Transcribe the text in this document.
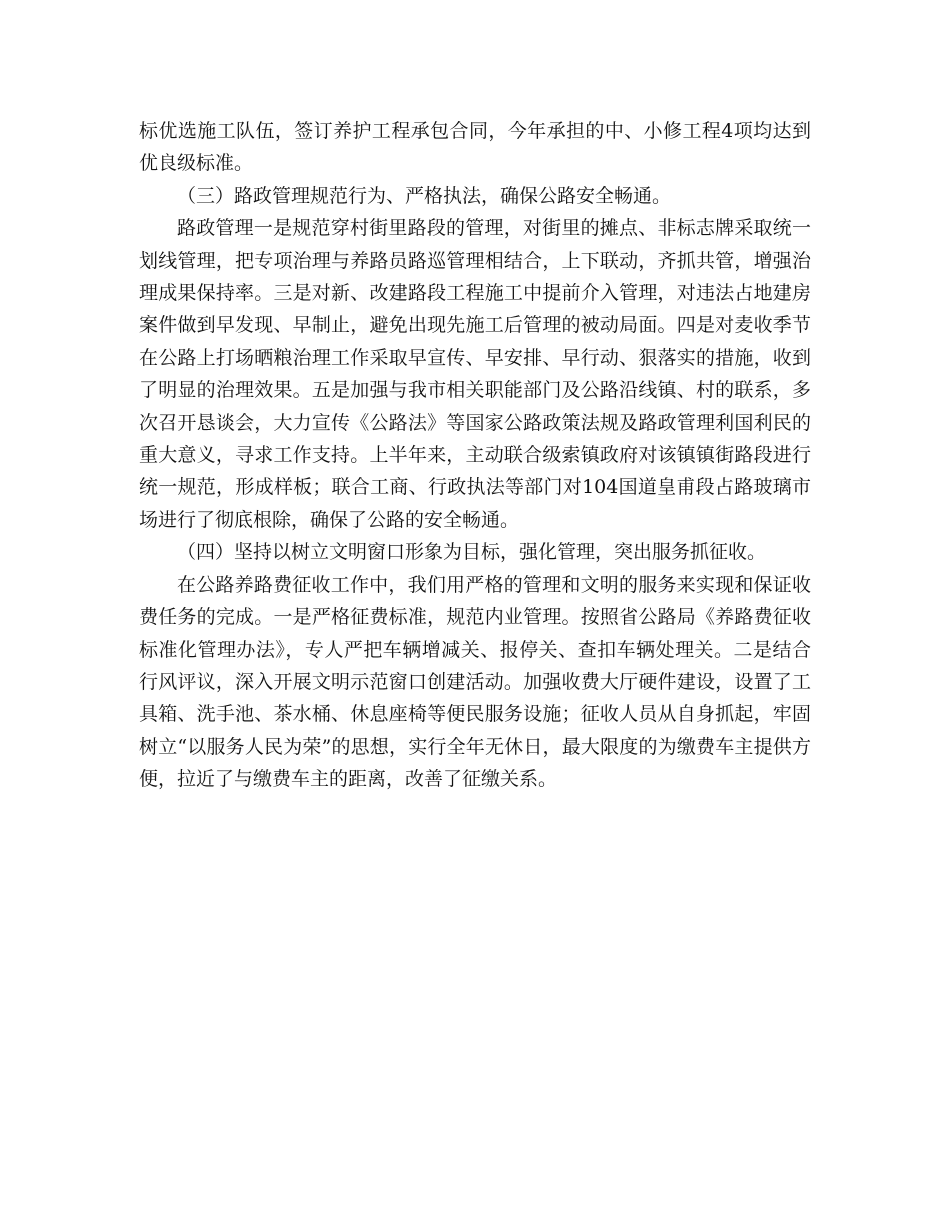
标优选施工队伍，签订养护工程承包合同，今年承担的中、小修工程4项均达到优良级标准。

（三）路政管理规范行为、严格执法，确保公路安全畅通。

路政管理一是规范穿村街里路段的管理，对街里的摊点、非标志牌采取统一划线管理，把专项治理与养路员路巡管理相结合，上下联动，齐抓共管，增强治理成果保持率。三是对新、改建路段工程施工中提前介入管理，对违法占地建房案件做到早发现、早制止，避免出现先施工后管理的被动局面。四是对麦收季节在公路上打场晒粮治理工作采取早宣传、早安排、早行动、狠落实的措施，收到了明显的治理效果。五是加强与我市相关职能部门及公路沿线镇、村的联系，多次召开恳谈会，大力宣传《公路法》等国家公路政策法规及路政管理利国利民的重大意义，寻求工作支持。上半年来，主动联合级索镇政府对该镇镇街路段进行统一规范，形成样板；联合工商、行政执法等部门对104国道皇甫段占路玻璃市场进行了彻底根除，确保了公路的安全畅通。

（四）坚持以树立文明窗口形象为目标，强化管理，突出服务抓征收。

在公路养路费征收工作中，我们用严格的管理和文明的服务来实现和保证收费任务的完成。一是严格征费标准，规范内业管理。按照省公路局《养路费征收标准化管理办法》，专人严把车辆增减关、报停关、查扣车辆处理关。二是结合行风评议，深入开展文明示范窗口创建活动。加强收费大厅硬件建设，设置了工具箱、洗手池、茶水桶、休息座椅等便民服务设施；征收人员从自身抓起，牢固树立“以服务人民为荣”的思想，实行全年无休日，最大限度的为缴费车主提供方便，拉近了与缴费车主的距离，改善了征缴关系。
